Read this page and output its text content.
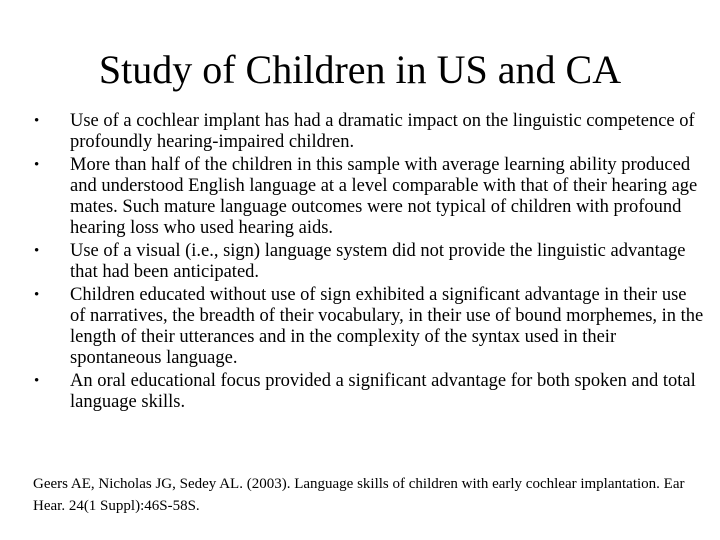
Study of Children in US and CA
•	Use of a cochlear implant has had a dramatic impact on the linguistic competence of profoundly hearing-impaired children.
•	More than half of the children in this sample with average learning ability produced and understood English language at a level comparable with that of their hearing age mates. Such mature language outcomes were not typical of children with profound hearing loss who used hearing aids.
•	Use of a visual (i.e., sign) language system did not provide the linguistic advantage that had been anticipated.
•	Children educated without use of sign exhibited a significant advantage in their use of narratives, the breadth of their vocabulary, in their use of bound morphemes, in the length of their utterances and in the complexity of the syntax used in their spontaneous language.
•	An oral educational focus provided a significant advantage for both spoken and total language skills.

Geers AE, Nicholas JG, Sedey AL. (2003). Language skills of children with early cochlear implantation. Ear Hear. 24(1 Suppl):46S-58S.
